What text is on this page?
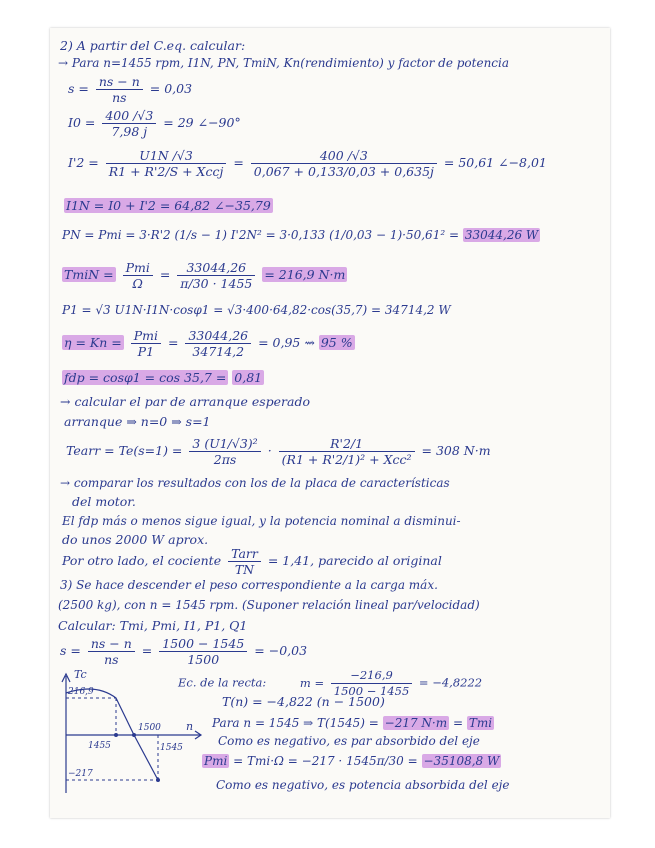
2) A partir del C.eq. calcular:
→ Para n=1455 rpm, I1N, PN, TmiN, Kn(rendimiento) y factor de potencia
$s = \frac{ns - n}{ns} = 0,03$
$I0 = \frac{400 /√3}{7,98 j} = 29$ ∠−90°
$I'2 = \frac{U1N /√3}{\text{R1 + R'2/S + Xccj}} = \frac{400 /√3}{0,067 + 0,133/0,03 + 0,635j} = 50,61$ ∠−8,01
I1N = I0 + I'2 = 64,82 ∠−35,79
PN = Pmi = 3·R'2 (1/s − 1) I'2N² = 3·0,133 (1/0,03 − 1)·50,61² = 33044,26 W
TmiN = $\frac{\text{Pmi}}{\Omega} = \frac{33044,26}{\pi/30 \cdot 1455} = 216,9$ N·m
P1 = √3 U1N·I1N·cosφ1 = √3·400·64,82·cos(35,7) = 34714,2 W
$\eta = Kn = \frac{\text{Pmi}}{P1} = \frac{33044,26}{34714,2} = 0,95$ ⇝ 95 %
fdp = cosφ1 = cos 35,7 = 0,81
→ calcular el par de arranque esperado
arranque ⇒ n=0 ⇒ s=1
Tearr = $Te(s=1) = \frac{\text{3 (U1/√3)²}}{2\pi s} \cdot \frac{R'2/1}{\text{(R1 + R'2/1)² + Xcc²}} = 308$ N·m
→ comparar los resultados con los de la placa de características
del motor.
El fdp más o menos sigue igual, y la potencia nominal a disminui-
do unos 2000 W aprox.
Por otro lado, el cociente $\frac{\text{Tarr}}{TN} = 1,41$, parecido al original
3) Se hace descender el peso correspondiente a la carga máx.
(2500 kg), con n = 1545 rpm. (Suponer relación lineal par/velocidad)
Calcular: Tmi, Pmi, I1, P1, Q1
$s = \frac{ns - n}{ns} = \frac{1500 - 1545}{1500} = -0,03$
Tc
n
216,9
−217
1455
1500
1545
Ec. de la recta:	$m = \frac{-216,9}{1500 - 1455} = -4,8222$
T(n) = −4,822 (n − 1500)
Para n = 1545 ⇒ T(1545) = −217 N·m = Tmi
Como es negativo, es par absorbido del eje
Pmi = Tmi·Ω = −217 · 1545π/30 = −35108,8 W
Como es negativo, es potencia absorbida del eje
